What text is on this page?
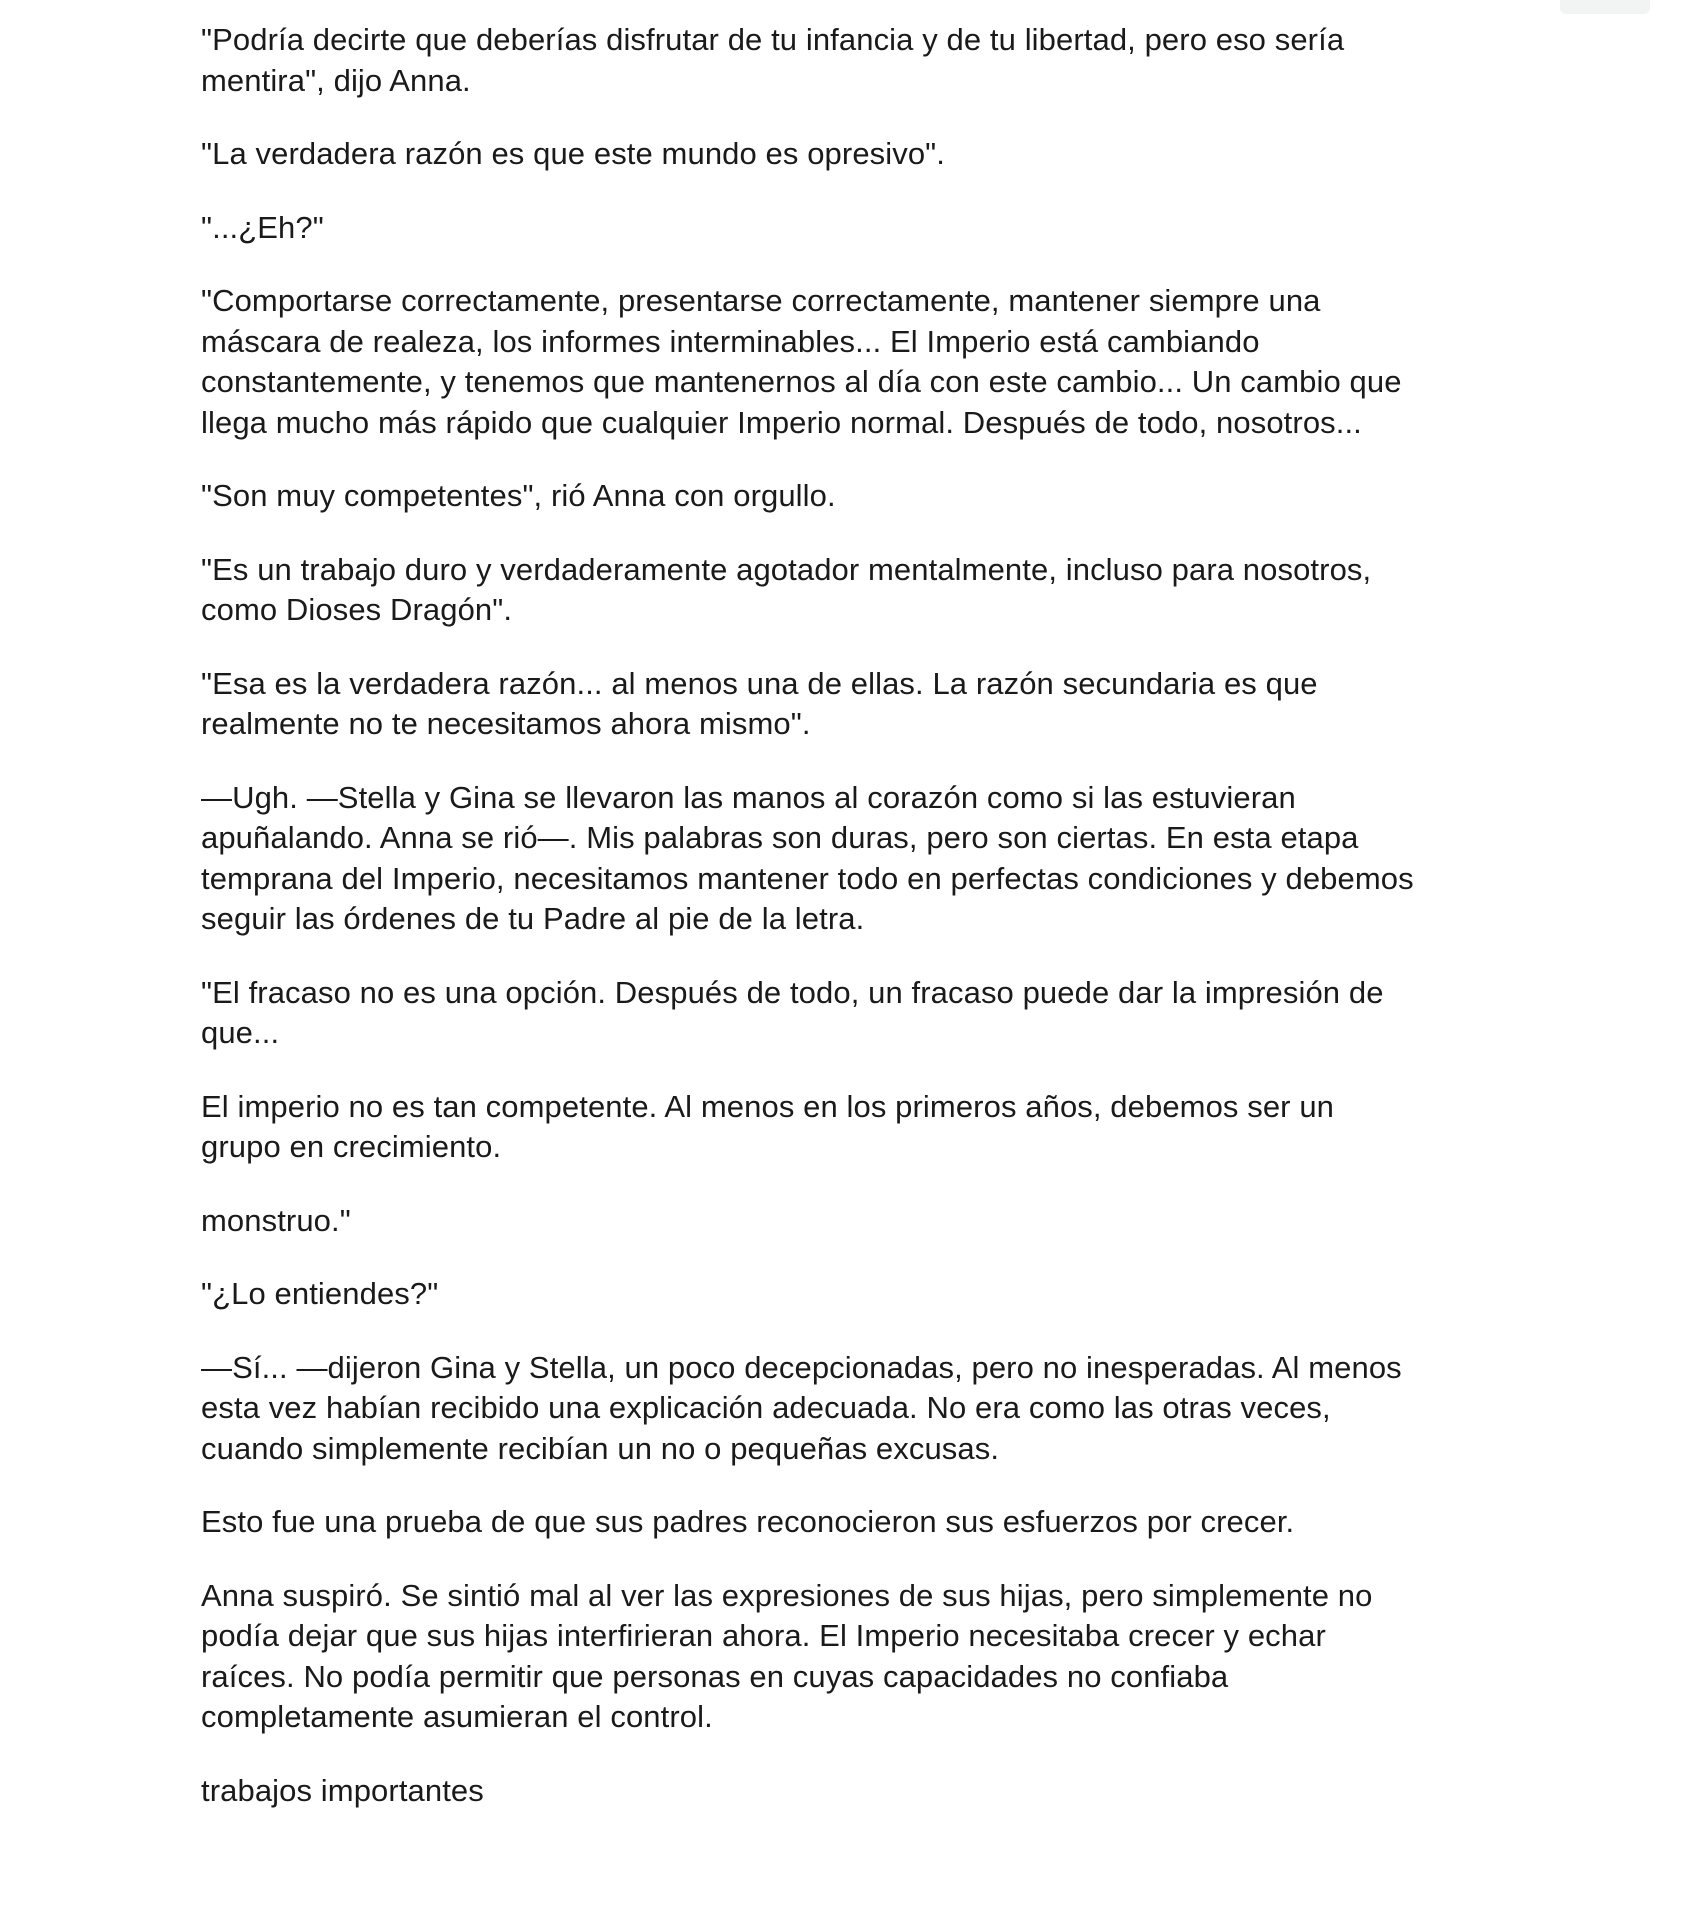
"Podría decirte que deberías disfrutar de tu infancia y de tu libertad, pero eso sería
mentira", dijo Anna.

"La verdadera razón es que este mundo es opresivo".

"...¿Eh?"

"Comportarse correctamente, presentarse correctamente, mantener siempre una
máscara de realeza, los informes interminables... El Imperio está cambiando
constantemente, y tenemos que mantenernos al día con este cambio... Un cambio que
llega mucho más rápido que cualquier Imperio normal. Después de todo, nosotros...

"Son muy competentes", rió Anna con orgullo.

"Es un trabajo duro y verdaderamente agotador mentalmente, incluso para nosotros,
como Dioses Dragón".

"Esa es la verdadera razón... al menos una de ellas. La razón secundaria es que
realmente no te necesitamos ahora mismo".

—Ugh. —Stella y Gina se llevaron las manos al corazón como si las estuvieran
apuñalando. Anna se rió—. Mis palabras son duras, pero son ciertas. En esta etapa
temprana del Imperio, necesitamos mantener todo en perfectas condiciones y debemos
seguir las órdenes de tu Padre al pie de la letra.

"El fracaso no es una opción. Después de todo, un fracaso puede dar la impresión de
que...

El imperio no es tan competente. Al menos en los primeros años, debemos ser un
grupo en crecimiento.

monstruo."

"¿Lo entiendes?"

—Sí... —dijeron Gina y Stella, un poco decepcionadas, pero no inesperadas. Al menos
esta vez habían recibido una explicación adecuada. No era como las otras veces,
cuando simplemente recibían un no o pequeñas excusas.

Esto fue una prueba de que sus padres reconocieron sus esfuerzos por crecer.

Anna suspiró. Se sintió mal al ver las expresiones de sus hijas, pero simplemente no
podía dejar que sus hijas interfirieran ahora. El Imperio necesitaba crecer y echar
raíces. No podía permitir que personas en cuyas capacidades no confiaba
completamente asumieran el control.

trabajos importantes
